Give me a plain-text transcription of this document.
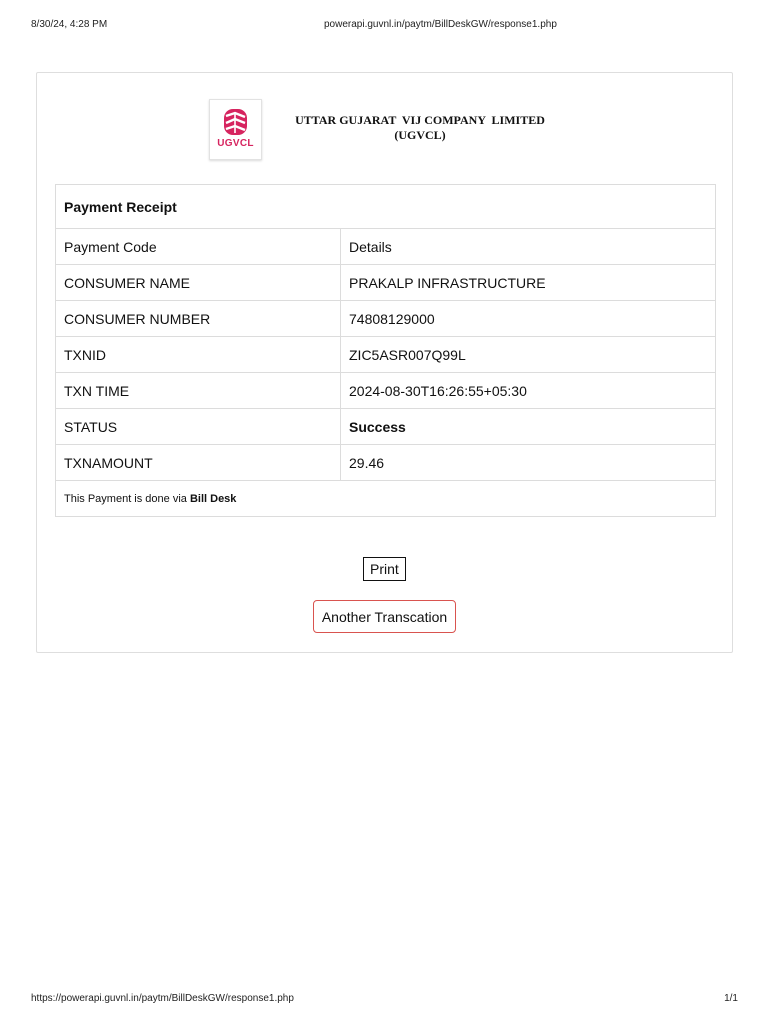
8/30/24, 4:28 PM	powerapi.guvnl.in/paytm/BillDeskGW/response1.php
UGVCL
UTTAR GUJARAT  VIJ COMPANY  LIMITED
(UGVCL)
Payment Receipt	
Payment Code	Details
CONSUMER NAME	PRAKALP INFRASTRUCTURE
CONSUMER NUMBER	74808129000
TXNID	ZIC5ASR007Q99L
TXN TIME	2024-08-30T16:26:55+05:30
STATUS	Success
TXNAMOUNT	29.46
This Payment is done via Bill Desk	
Print
Another Transcation
https://powerapi.guvnl.in/paytm/BillDeskGW/response1.php	1/1
